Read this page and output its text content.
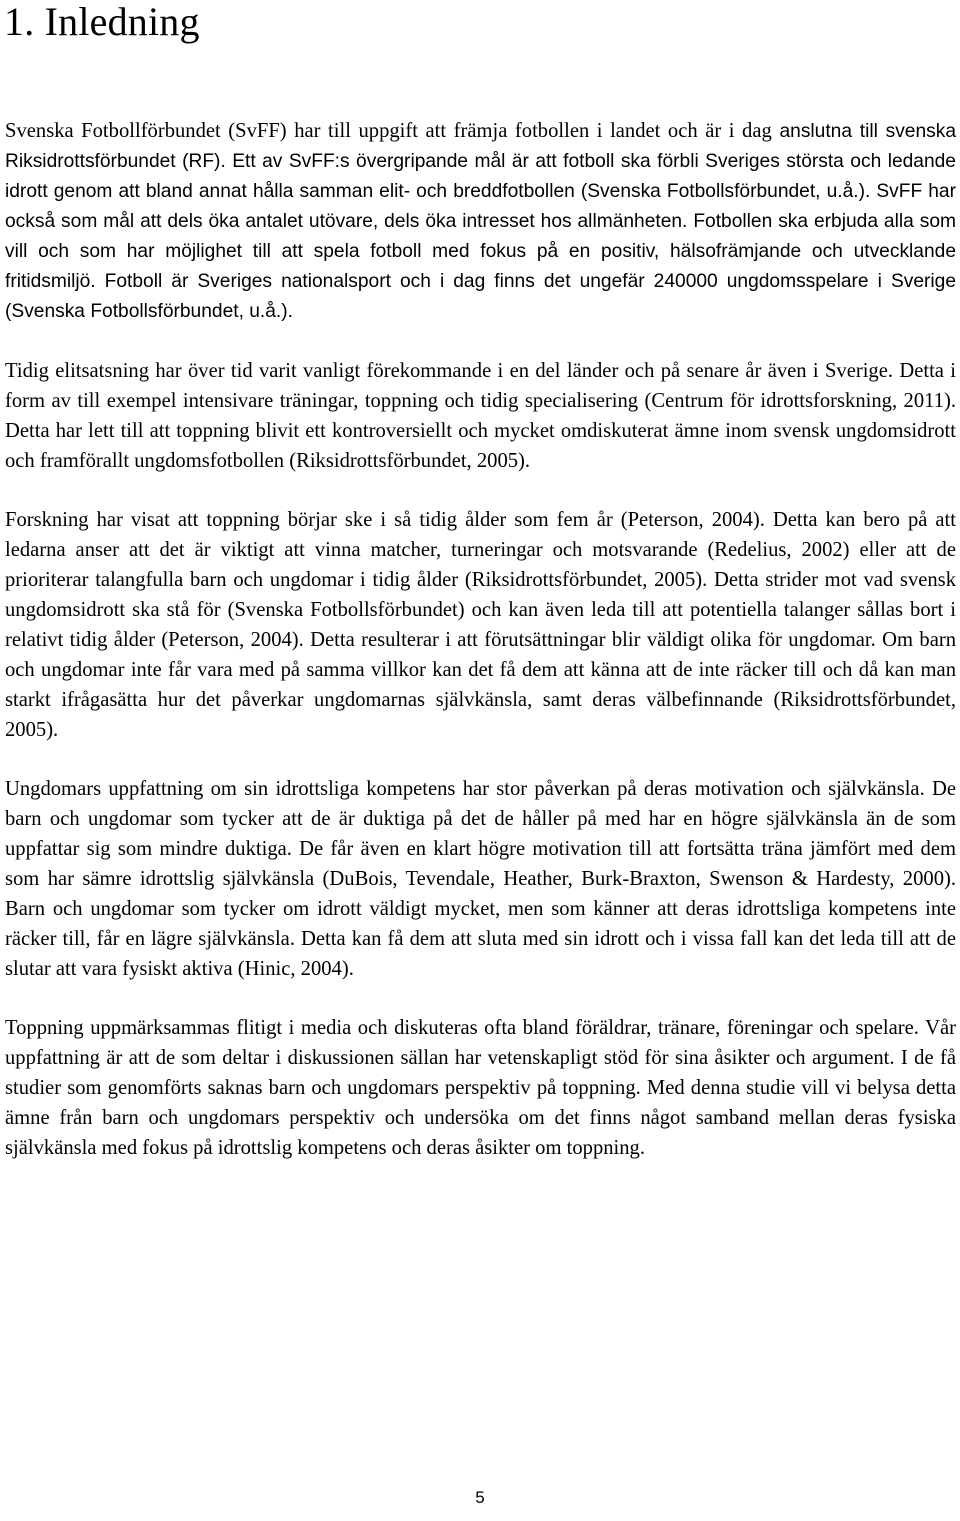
1. Inledning

Svenska Fotbollförbundet (SvFF) har till uppgift att främja fotbollen i landet och är i dag anslutna till svenska Riksidrottsförbundet (RF). Ett av SvFF:s övergripande mål är att fotboll ska förbli Sveriges största och ledande idrott genom att bland annat hålla samman elit- och breddfotbollen (Svenska Fotbollsförbundet, u.å.). SvFF har också som mål att dels öka antalet utövare, dels öka intresset hos allmänheten. Fotbollen ska erbjuda alla som vill och som har möjlighet till att spela fotboll med fokus på en positiv, hälsofrämjande och utvecklande fritidsmiljö. Fotboll är Sveriges nationalsport och i dag finns det ungefär 240000 ungdomsspelare i Sverige (Svenska Fotbollsförbundet, u.å.).

Tidig elitsatsning har över tid varit vanligt förekommande i en del länder och på senare år även i Sverige. Detta i form av till exempel intensivare träningar, toppning och tidig specialisering (Centrum för idrottsforskning, 2011). Detta har lett till att toppning blivit ett kontroversiellt och mycket omdiskuterat ämne inom svensk ungdomsidrott och framförallt ungdomsfotbollen (Riksidrottsförbundet, 2005).

Forskning har visat att toppning börjar ske i så tidig ålder som fem år (Peterson, 2004). Detta kan bero på att ledarna anser att det är viktigt att vinna matcher, turneringar och motsvarande (Redelius, 2002) eller att de prioriterar talangfulla barn och ungdomar i tidig ålder (Riksidrottsförbundet, 2005). Detta strider mot vad svensk ungdomsidrott ska stå för (Svenska Fotbollsförbundet) och kan även leda till att potentiella talanger sållas bort i relativt tidig ålder (Peterson, 2004). Detta resulterar i att förutsättningar blir väldigt olika för ungdomar. Om barn och ungdomar inte får vara med på samma villkor kan det få dem att känna att de inte räcker till och då kan man starkt ifrågasätta hur det påverkar ungdomarnas självkänsla, samt deras välbefinnande (Riksidrottsförbundet, 2005).

Ungdomars uppfattning om sin idrottsliga kompetens har stor påverkan på deras motivation och självkänsla. De barn och ungdomar som tycker att de är duktiga på det de håller på med har en högre självkänsla än de som uppfattar sig som mindre duktiga. De får även en klart högre motivation till att fortsätta träna jämfört med dem som har sämre idrottslig självkänsla (DuBois, Tevendale, Heather, Burk-Braxton, Swenson & Hardesty, 2000). Barn och ungdomar som tycker om idrott väldigt mycket, men som känner att deras idrottsliga kompetens inte räcker till, får en lägre självkänsla. Detta kan få dem att sluta med sin idrott och i vissa fall kan det leda till att de slutar att vara fysiskt aktiva (Hinic, 2004).

Toppning uppmärksammas flitigt i media och diskuteras ofta bland föräldrar, tränare, föreningar och spelare. Vår uppfattning är att de som deltar i diskussionen sällan har vetenskapligt stöd för sina åsikter och argument. I de få studier som genomförts saknas barn och ungdomars perspektiv på toppning. Med denna studie vill vi belysa detta ämne från barn och ungdomars perspektiv och undersöka om det finns något samband mellan deras fysiska självkänsla med fokus på idrottslig kompetens och deras åsikter om toppning.

5
